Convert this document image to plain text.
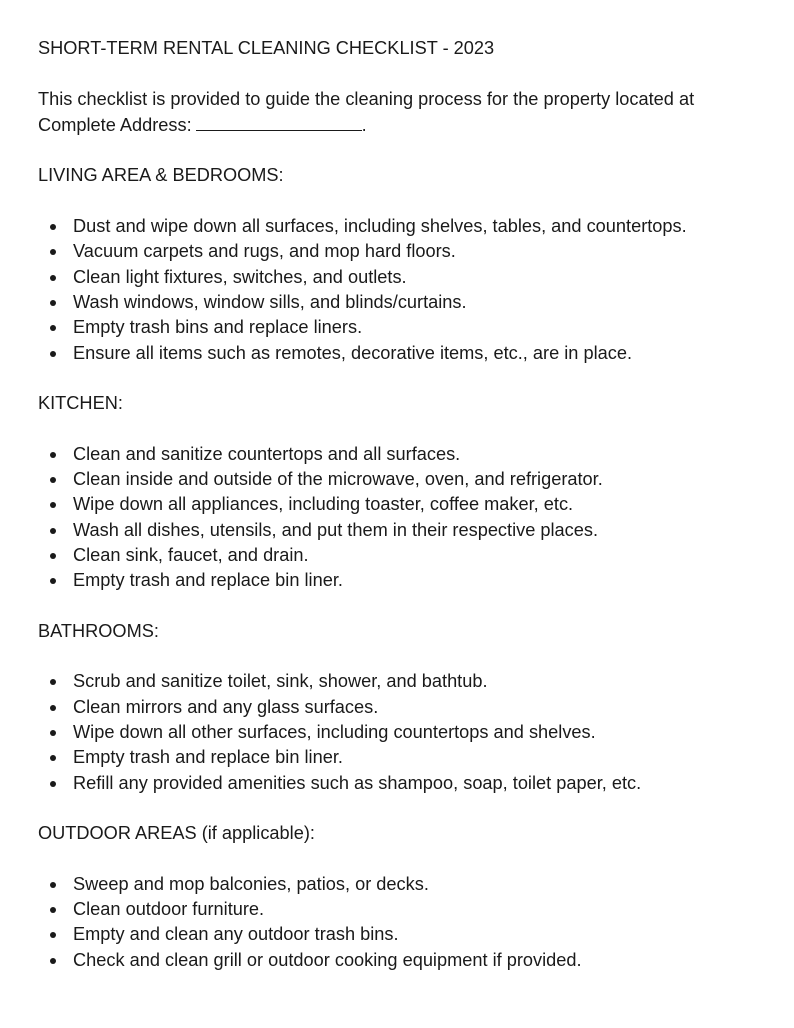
SHORT-TERM RENTAL CLEANING CHECKLIST - 2023
This checklist is provided to guide the cleaning process for the property located at
Complete Address:	.
LIVING AREA & BEDROOMS:
Dust and wipe down all surfaces, including shelves, tables, and countertops.
Vacuum carpets and rugs, and mop hard floors.
Clean light fixtures, switches, and outlets.
Wash windows, window sills, and blinds/curtains.
Empty trash bins and replace liners.
Ensure all items such as remotes, decorative items, etc., are in place.
KITCHEN:
Clean and sanitize countertops and all surfaces.
Clean inside and outside of the microwave, oven, and refrigerator.
Wipe down all appliances, including toaster, coffee maker, etc.
Wash all dishes, utensils, and put them in their respective places.
Clean sink, faucet, and drain.
Empty trash and replace bin liner.
BATHROOMS:
Scrub and sanitize toilet, sink, shower, and bathtub.
Clean mirrors and any glass surfaces.
Wipe down all other surfaces, including countertops and shelves.
Empty trash and replace bin liner.
Refill any provided amenities such as shampoo, soap, toilet paper, etc.
OUTDOOR AREAS (if applicable):
Sweep and mop balconies, patios, or decks.
Clean outdoor furniture.
Empty and clean any outdoor trash bins.
Check and clean grill or outdoor cooking equipment if provided.
